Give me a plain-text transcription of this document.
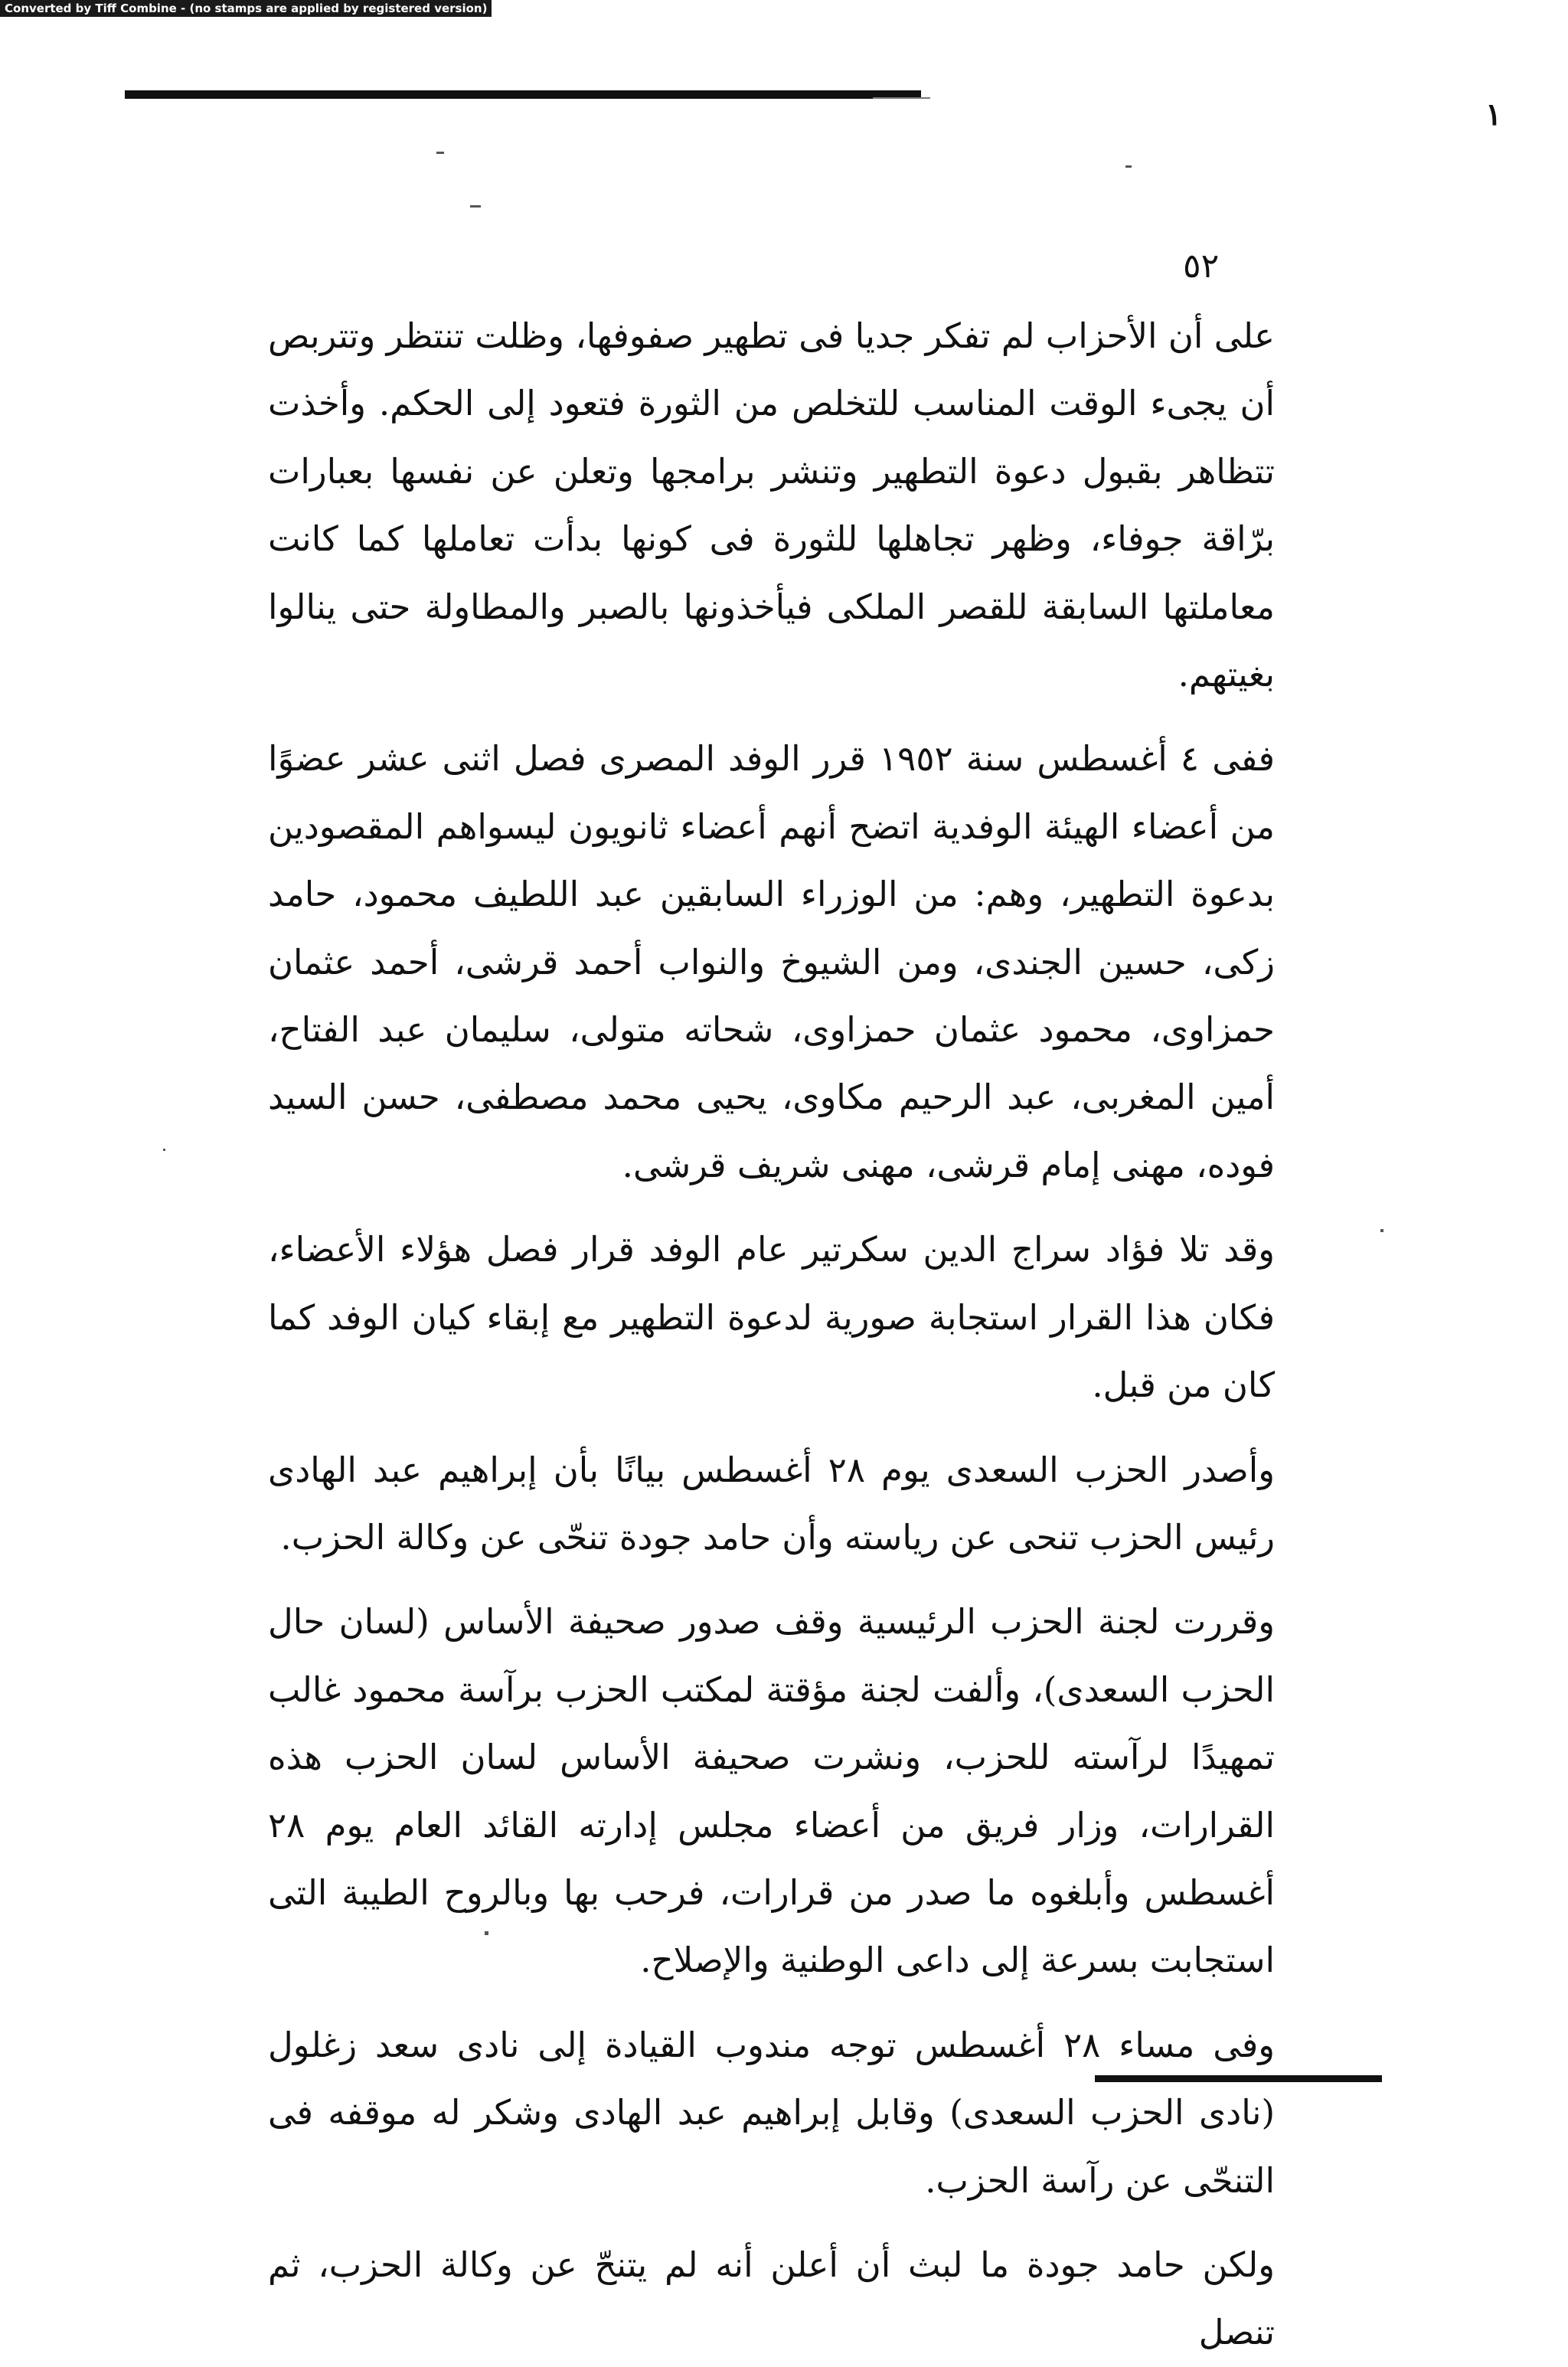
Converted by Tiff Combine - (no stamps are applied by registered version)
١
٥٢

على أن الأحزاب لم تفكر جديا فى تطهير صفوفها، وظلت تنتظر وتتربص أن يجىء الوقت المناسب للتخلص من الثورة فتعود إلى الحكم. وأخذت تتظاهر بقبول دعوة التطهير وتنشر برامجها وتعلن عن نفسها بعبارات برّاقة جوفاء، وظهر تجاهلها للثورة فى كونها بدأت تعاملها كما كانت معاملتها السابقة للقصر الملكى فيأخذونها بالصبر والمطاولة حتى ينالوا بغيتهم.

ففى ٤ أغسطس سنة ١٩٥٢ قرر الوفد المصرى فصل اثنى عشر عضوًا من أعضاء الهيئة الوفدية اتضح أنهم أعضاء ثانويون ليسواهم المقصودين بدعوة التطهير، وهم: من الوزراء السابقين عبد اللطيف محمود، حامد زكى، حسين الجندى، ومن الشيوخ والنواب أحمد قرشى، أحمد عثمان حمزاوى، محمود عثمان حمزاوى، شحاته متولى، سليمان عبد الفتاح، أمين المغربى، عبد الرحيم مكاوى، يحيى محمد مصطفى، حسن السيد فوده، مهنى إمام قرشى، مهنى شريف قرشى.

وقد تلا فؤاد سراج الدين سكرتير عام الوفد قرار فصل هؤلاء الأعضاء، فكان هذا القرار استجابة صورية لدعوة التطهير مع إبقاء كيان الوفد كما كان من قبل.

وأصدر الحزب السعدى يوم ٢٨ أغسطس بيانًا بأن إبراهيم عبد الهادى رئيس الحزب تنحى عن رياسته وأن حامد جودة تنحّى عن وكالة الحزب.

وقررت لجنة الحزب الرئيسية وقف صدور صحيفة الأساس (لسان حال الحزب السعدى)، وألفت لجنة مؤقتة لمكتب الحزب برآسة محمود غالب تمهيدًا لرآسته للحزب، ونشرت صحيفة الأساس لسان الحزب هذه القرارات، وزار فريق من أعضاء مجلس إدارته القائد العام يوم ٢٨ أغسطس وأبلغوه ما صدر من قرارات، فرحب بها وبالروح الطيبة التى استجابت بسرعة إلى داعى الوطنية والإصلاح.

وفى مساء ٢٨ أغسطس توجه مندوب القيادة إلى نادى سعد زغلول (نادى الحزب السعدى) وقابل إبراهيم عبد الهادى وشكر له موقفه فى التنحّى عن رآسة الحزب.

ولكن حامد جودة ما لبث أن أعلن أنه لم يتنحّ عن وكالة الحزب، ثم تنصل
